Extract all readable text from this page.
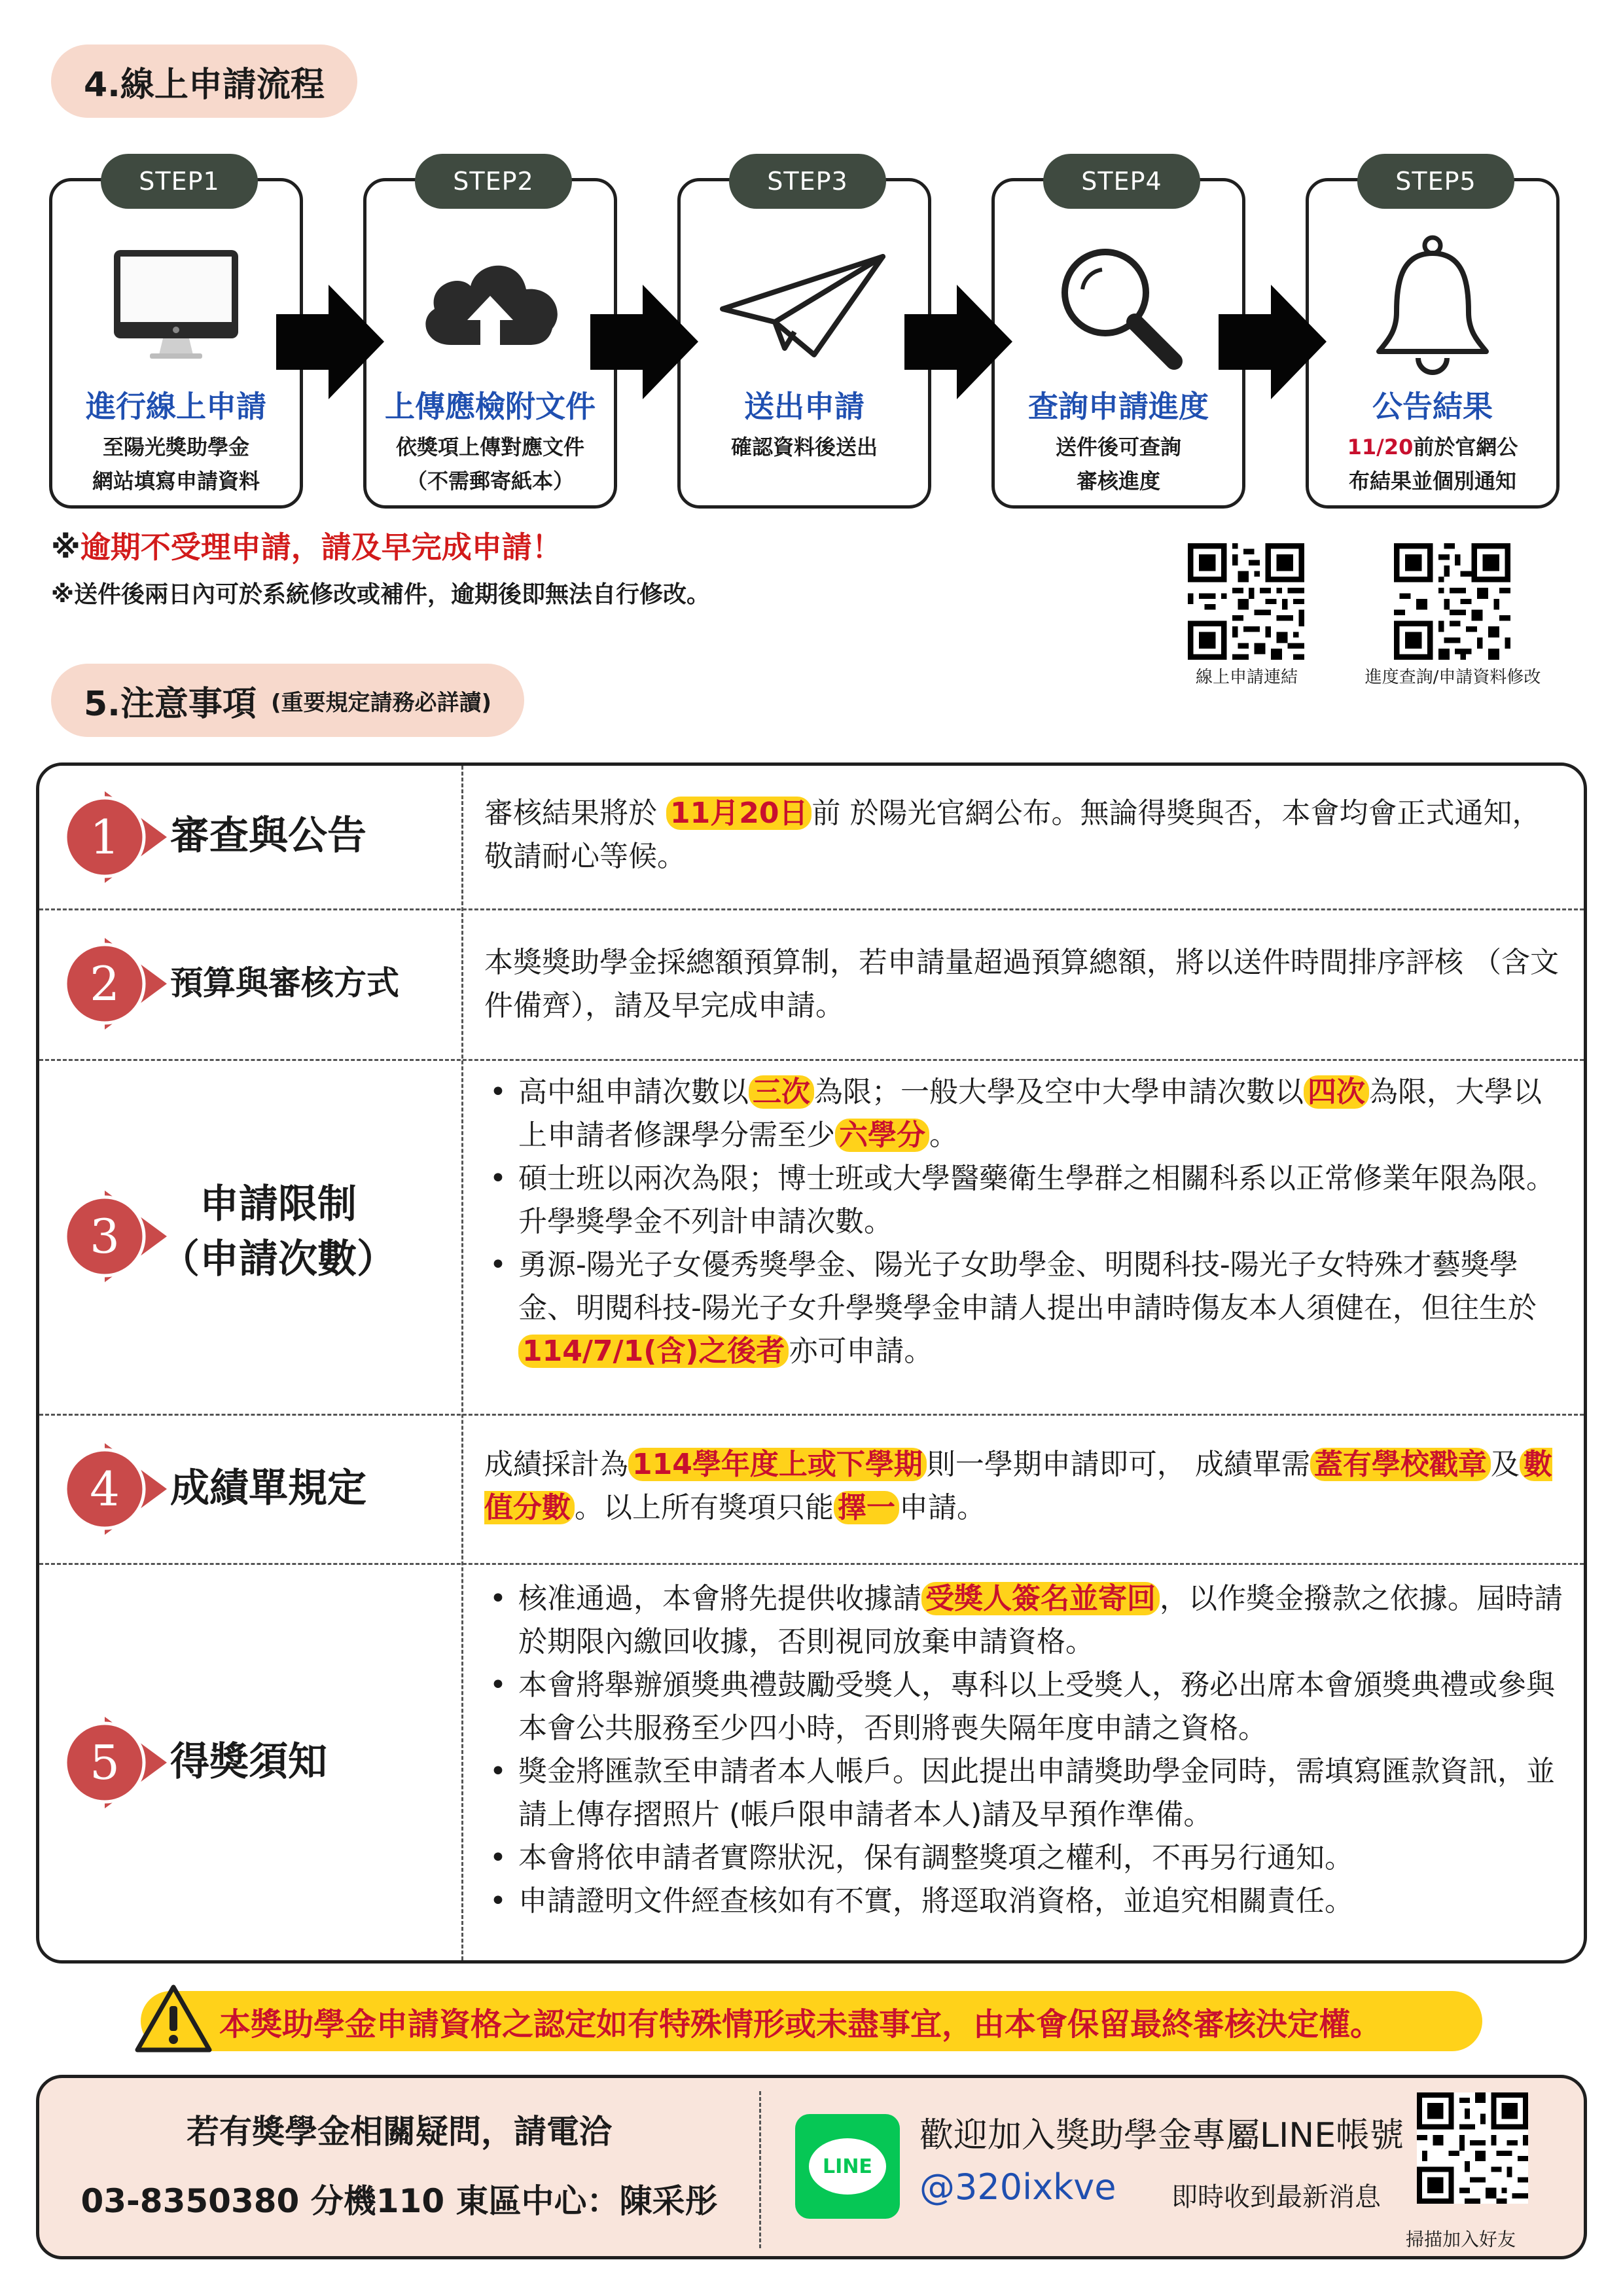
4.線上申請流程
STEP1
進行線上申請
至陽光獎助學金
網站填寫申請資料
STEP2
上傳應檢附文件
依獎項上傳對應文件
（不需郵寄紙本）
STEP3
送出申請
確認資料後送出
STEP4
查詢申請進度
送件後可查詢
審核進度
STEP5
公告結果
11/20前於官網公
布結果並個別通知
※逾期不受理申請，請及早完成申請！
※送件後兩日內可於系統修改或補件，逾期後即無法自行修改。
線上申請連結	進度查詢/申請資料修改
5.注意事項 (重要規定請務必詳讀)
1 審查與公告	審核結果將於 11月20日 前 於陽光官網公布。無論得獎與否，本會均會正式通知，敬請耐心等候。
2 預算與審核方式
本獎獎助學金採總額預算制，若申請量超過預算總額，將以送件時間排序評核 （含文件備齊），請及早完成申請。
3
申請限制
（申請次數）
• 高中組申請次數以 三次 為限；一般大學及空中大學申請次數以 四次 為限，大學以上申請者修課學分需至少 六學分 。
• 碩士班以兩次為限；博士班或大學醫藥衛生學群之相關科系以正常修業年限為限。升學獎學金不列計申請次數。
• 勇源-陽光子女優秀獎學金、陽光子女助學金、明閱科技-陽光子女特殊才藝獎學金、明閱科技-陽光子女升學獎學金申請人提出申請時傷友本人須健在，但往生於114/7/1(含)之後者 亦可申請。
4 成績單規定
成績採計為 114學年度上或下學期 則一學期申請即可， 成績單需 蓋有學校戳章 及 數值分數 。以上所有獎項只能 擇一 申請。
5 得獎須知
• 核准通過，本會將先提供收據請 受獎人簽名並寄回 ，以作獎金撥款之依據。屆時請於期限內繳回收據，否則視同放棄申請資格。
• 本會將舉辦頒獎典禮鼓勵受獎人，專科以上受獎人，務必出席本會頒獎典禮或參與本會公共服務至少四小時，否則將喪失隔年度申請之資格。
• 獎金將匯款至申請者本人帳戶。因此提出申請獎助學金同時，需填寫匯款資訊，並請上傳存摺照片 (帳戶限申請者本人)請及早預作準備。
• 本會將依申請者實際狀況，保有調整獎項之權利，不再另行通知。
• 申請證明文件經查核如有不實，將逕取消資格，並追究相關責任。
本獎助學金申請資格之認定如有特殊情形或未盡事宜，由本會保留最終審核決定權。
若有獎學金相關疑問，請電洽
03-8350380 分機110 東區中心：陳采彤
LINE
歡迎加入獎助學金專屬LINE帳號
@320ixkve 即時收到最新消息
掃描加入好友
